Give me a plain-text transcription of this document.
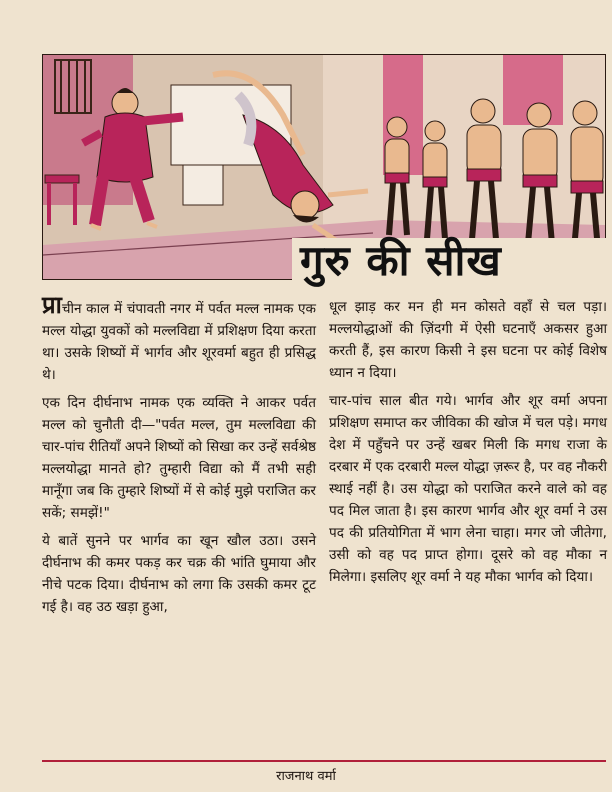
गुरु की सीख

प्राचीन काल में चंपावती नगर में पर्वत मल्ल नामक एक मल्ल योद्धा युवकों को मल्लविद्या में प्रशिक्षण दिया करता था। उसके शिष्यों में भार्गव और शूरवर्मा बहुत ही प्रसिद्ध थे।

एक दिन दीर्घनाभ नामक एक व्यक्ति ने आकर पर्वत मल्ल को चुनौती दी—"पर्वत मल्ल, तुम मल्लविद्या की चार-पांच रीतियाँ अपने शिष्यों को सिखा कर उन्हें सर्वश्रेष्ठ मल्लयोद्धा मानते हो? तुम्हारी विद्या को मैं तभी सही मानूँगा जब कि तुम्हारे शिष्यों में से कोई मुझे पराजित कर सकें; समझें!"

ये बातें सुनने पर भार्गव का खून खौल उठा। उसने दीर्घनाभ की कमर पकड़ कर चक्र की भांति घुमाया और नीचे पटक दिया। दीर्घनाभ को लगा कि उसकी कमर टूट गई है। वह उठ खड़ा हुआ,

धूल झाड़ कर मन ही मन कोसते वहाँ से चल पड़ा। मल्लयोद्धाओं की ज़िंदगी में ऐसी घटनाएँ अकसर हुआ करती हैं, इस कारण किसी ने इस घटना पर कोई विशेष ध्यान न दिया।

चार-पांच साल बीत गये। भार्गव और शूर वर्मा अपना प्रशिक्षण समाप्त कर जीविका की खोज में चल पड़े। मगध देश में पहुँचने पर उन्हें खबर मिली कि मगध राजा के दरबार में एक दरबारी मल्ल योद्धा ज़रूर है, पर वह नौकरी स्थाई नहीं है। उस योद्धा को पराजित करने वाले को वह पद मिल जाता है। इस कारण भार्गव और शूर वर्मा ने उस पद की प्रतियोगिता में भाग लेना चाहा। मगर जो जीतेगा, उसी को वह पद प्राप्त होगा। दूसरे को वह मौका न मिलेगा। इसलिए शूर वर्मा ने यह मौका भार्गव को दिया।

राजनाथ वर्मा
